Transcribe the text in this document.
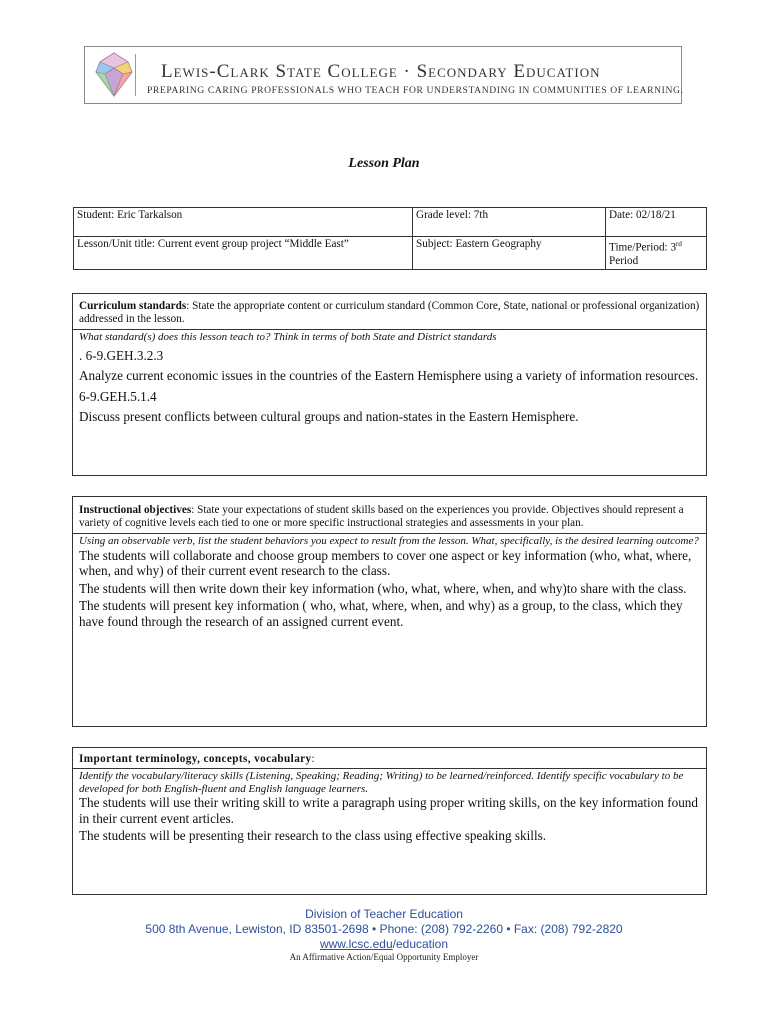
Lewis-Clark State College · Secondary Education
PREPARING CARING PROFESSIONALS WHO TEACH FOR UNDERSTANDING IN COMMUNITIES OF LEARNING.
Lesson Plan
Student: Eric Tarkalson	Grade level: 7th	Date: 02/18/21
Lesson/Unit title: Current event group project “Middle East”	Subject: Eastern Geography	Time/Period: 3rd
Period
Curriculum standards: State the appropriate content or curriculum standard (Common Core, State, national or professional organization) addressed in the lesson.
What standard(s) does this lesson teach to? Think in terms of both State and District standards

. 6-9.GEH.3.2.3

Analyze current economic issues in the countries of the Eastern Hemisphere using a variety of information resources.

6-9.GEH.5.1.4

Discuss present conflicts between cultural groups and nation-states in the Eastern Hemisphere.

Instructional objectives: State your expectations of student skills based on the experiences you provide. Objectives should represent a variety of cognitive levels each tied to one or more specific instructional strategies and assessments in your plan.
Using an observable verb, list the student behaviors you expect to result from the lesson. What, specifically, is the desired learning outcome?

The students will collaborate and choose group members to cover one aspect or key information (who, what, where, when, and why) of their current event research to the class.

The students will then write down their key information (who, what, where, when, and why)to share with the class.

The students will present key information ( who, what, where, when, and why) as a group, to the class, which they have found through the research of an assigned current event.

Important terminology, concepts, vocabulary:
Identify the vocabulary/literacy skills (Listening, Speaking; Reading; Writing) to be learned/reinforced. Identify specific vocabulary to be developed for both English-fluent and English language learners.

The students will use their writing skill to write a paragraph using proper writing skills, on the key information found in their current event articles.

The students will be presenting their research to the class using effective speaking skills.

Division of Teacher Education
500 8th Avenue, Lewiston, ID 83501-2698 • Phone: (208) 792-2260 • Fax: (208) 792-2820
www.lcsc.edu/education
An Affirmative Action/Equal Opportunity Employer
